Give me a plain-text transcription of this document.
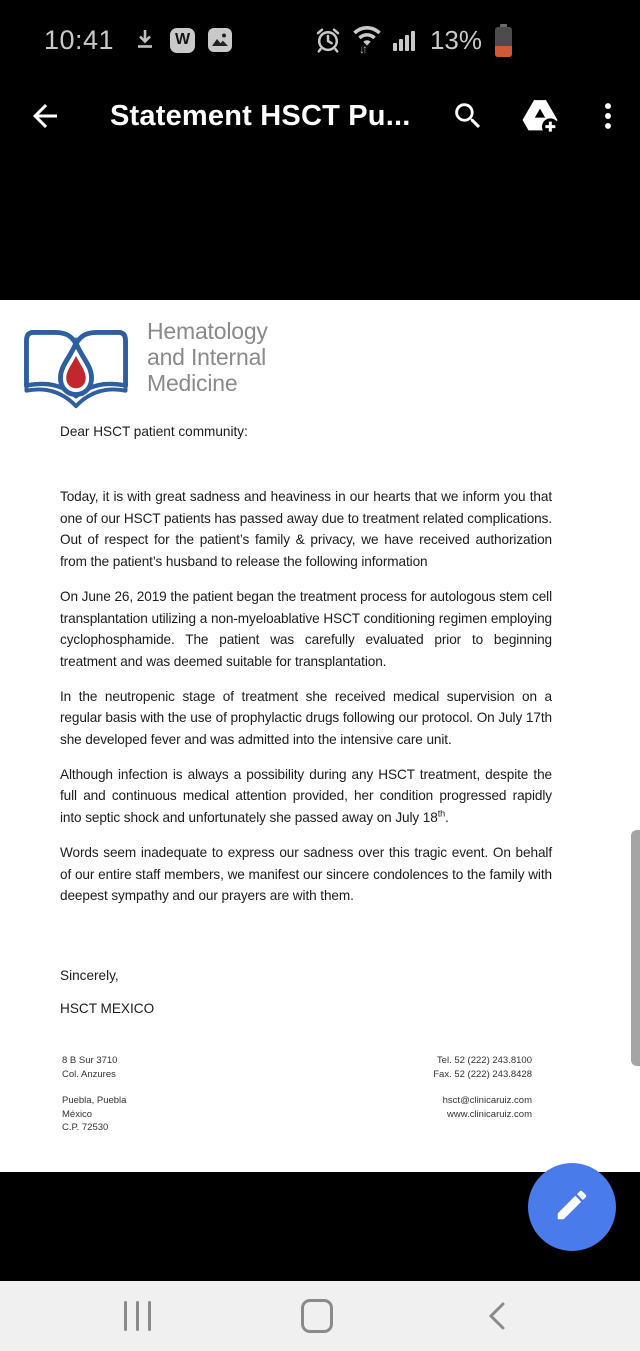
10:41	W
↓↑	13%
Statement HSCT Pu...
Hematology
and Internal
Medicine
Dear HSCT patient community:

Today, it is with great sadness and heaviness in our hearts that we inform you that one of our HSCT patients has passed away due to treatment related complications. Out of respect for the patient’s family & privacy, we have received authorization from the patient’s husband to release the following information

On June 26, 2019 the patient began the treatment process for autologous stem cell transplantation utilizing a non-myeloablative HSCT conditioning regimen employing cyclophosphamide. The patient was carefully evaluated prior to beginning treatment and was deemed suitable for transplantation.

In the neutropenic stage of treatment she received medical supervision on a regular basis with the use of prophylactic drugs following our protocol. On July 17th she developed fever and was admitted into the intensive care unit.

Although infection is always a possibility during any HSCT treatment, despite the full and continuous medical attention provided, her condition progressed rapidly into septic shock and unfortunately she passed away on July 18th.

Words seem inadequate to express our sadness over this tragic event. On behalf of our entire staff members, we manifest our sincere condolences to the family with deepest sympathy and our prayers are with them.

Sincerely,
HSCT MEXICO
8 B Sur 3710
Col. Anzures
Puebla, Puebla
México
C.P. 72530
Tel. 52 (222) 243.8100
Fax. 52 (222) 243.8428
hsct@clinicaruiz.com
www.clinicaruiz.com
